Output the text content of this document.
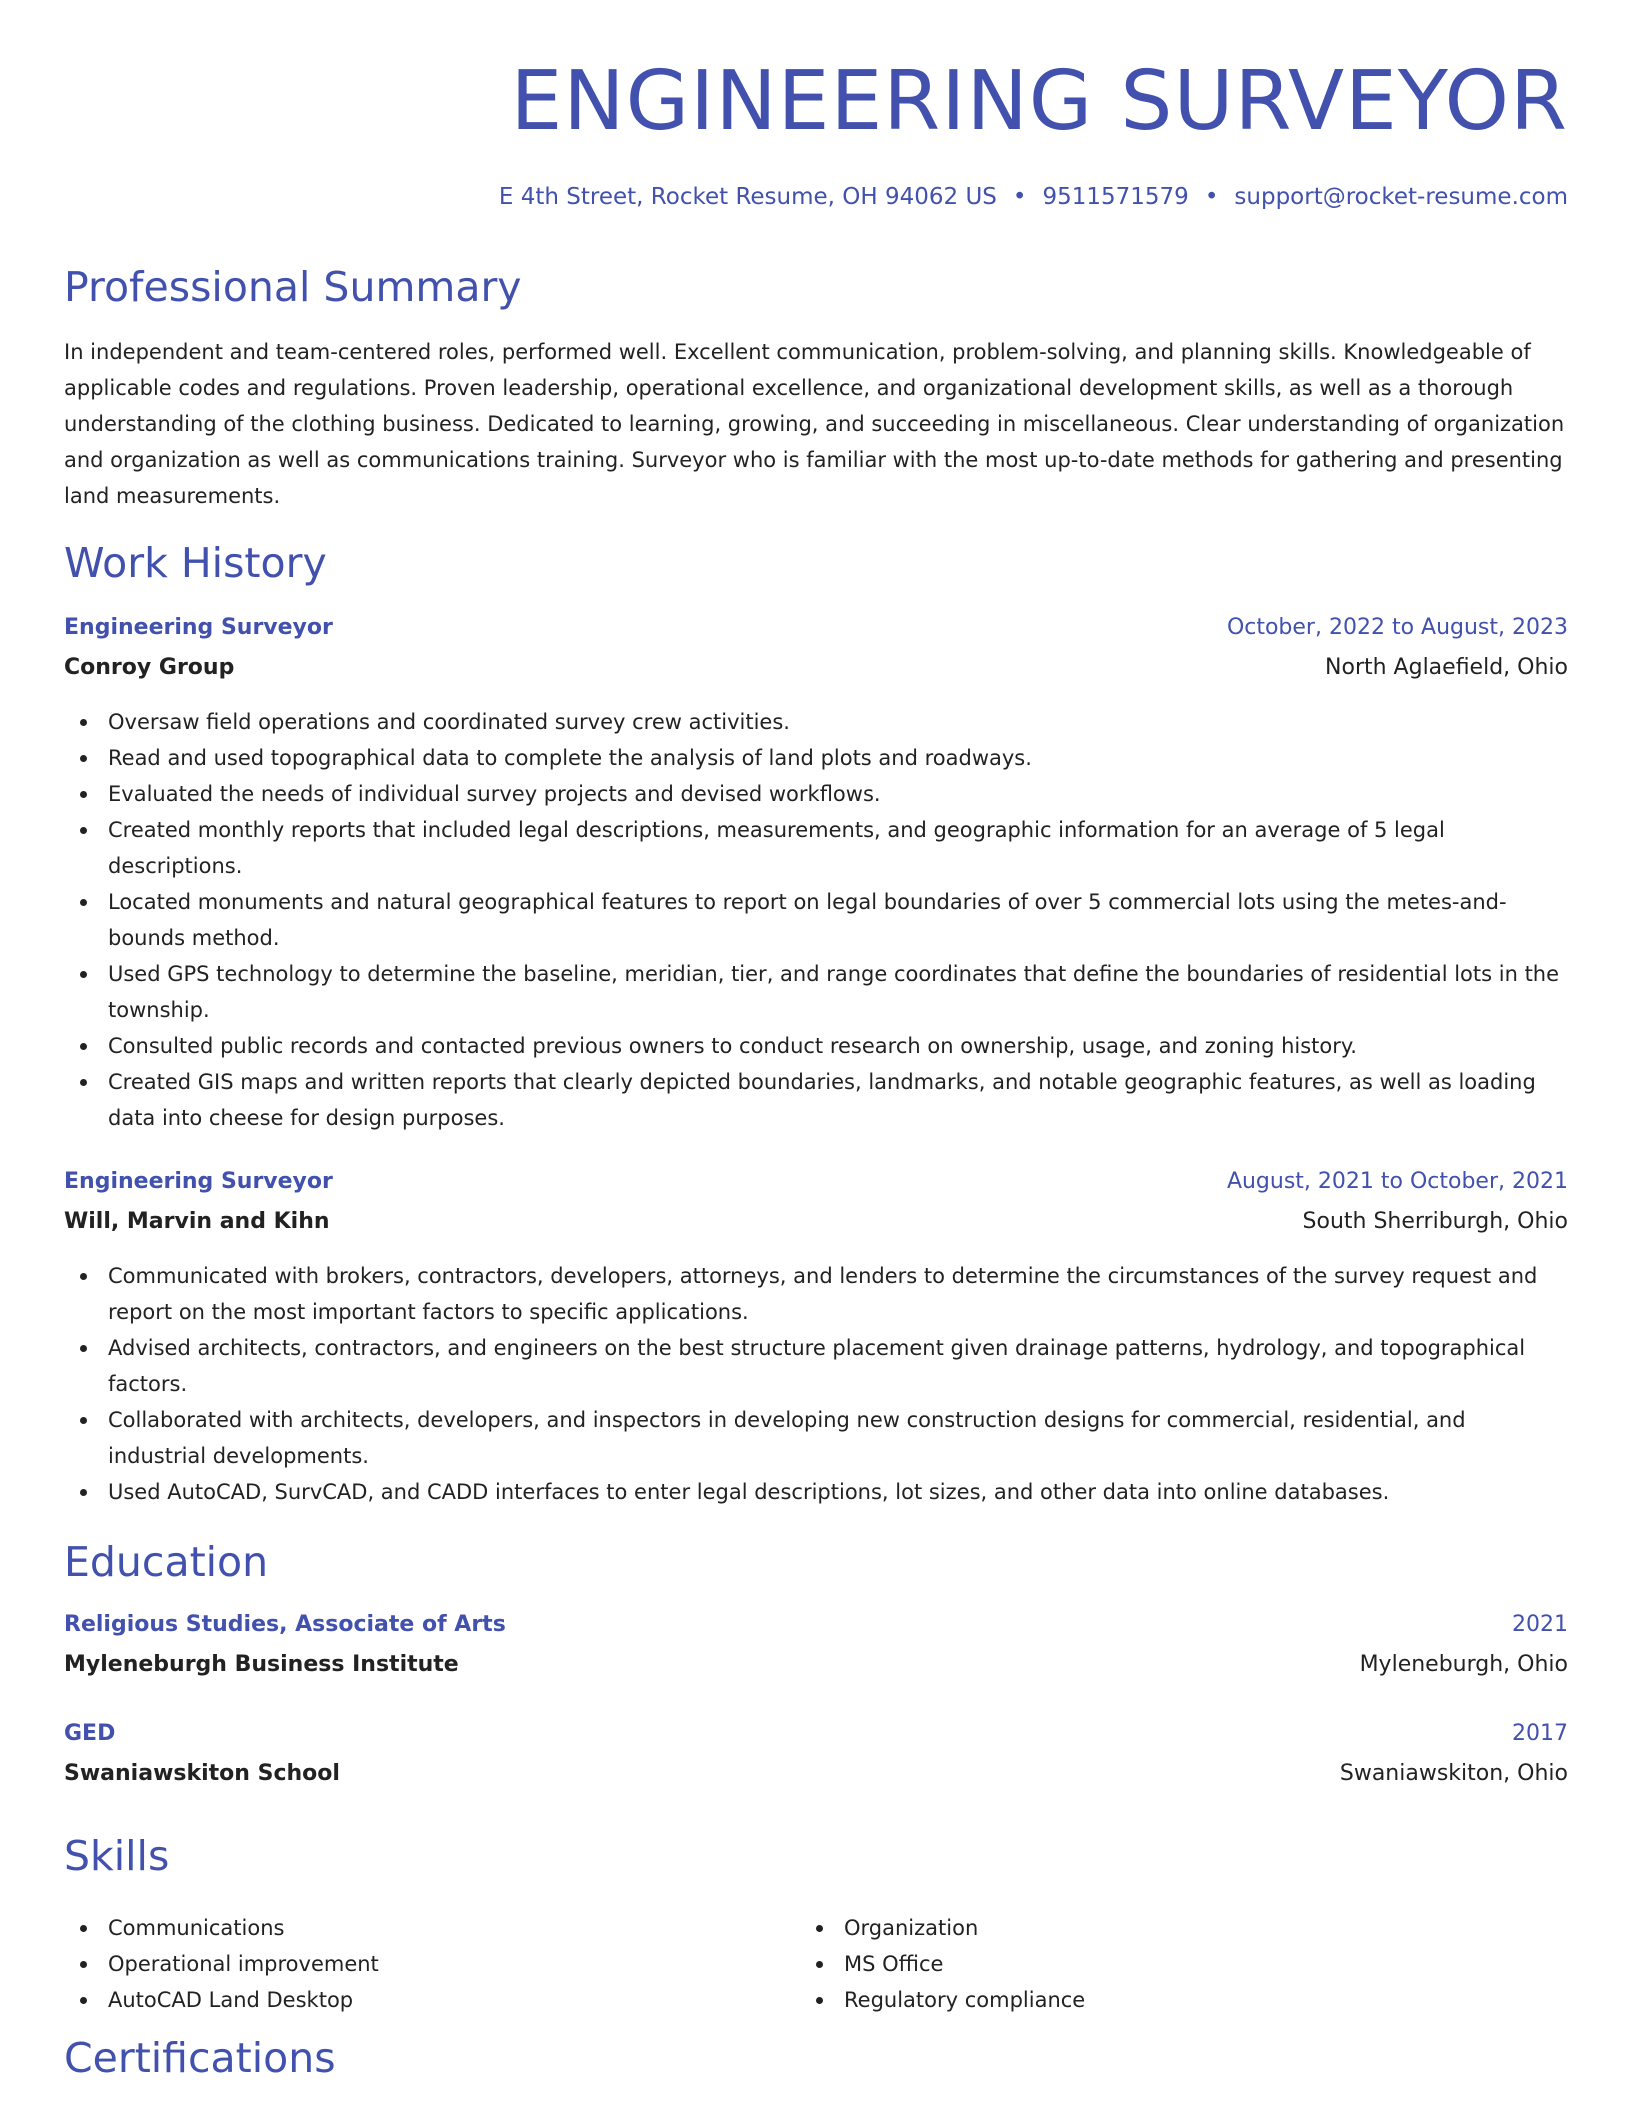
ENGINEERING SURVEYOR
E 4th Street, Rocket Resume, OH 94062 US • 9511571579 • support@rocket-resume.com
Professional Summary

In independent and team-centered roles, performed well. Excellent communication, problem-solving, and planning skills. Knowledgeable of applicable codes and regulations. Proven leadership, operational excellence, and organizational development skills, as well as a thorough understanding of the clothing business. Dedicated to learning, growing, and succeeding in miscellaneous. Clear understanding of organization and organization as well as communications training. Surveyor who is familiar with the most up-to-date methods for gathering and presenting land measurements.

Work History
Engineering Surveyor	October, 2022 to August, 2023
Conroy Group	North Aglaefield, Ohio
Oversaw field operations and coordinated survey crew activities.
Read and used topographical data to complete the analysis of land plots and roadways.
Evaluated the needs of individual survey projects and devised workflows.
Created monthly reports that included legal descriptions, measurements, and geographic information for an average of 5 legal descriptions.
Located monuments and natural geographical features to report on legal boundaries of over 5 commercial lots using the metes-and-bounds method.
Used GPS technology to determine the baseline, meridian, tier, and range coordinates that define the boundaries of residential lots in the township.
Consulted public records and contacted previous owners to conduct research on ownership, usage, and zoning history.
Created GIS maps and written reports that clearly depicted boundaries, landmarks, and notable geographic features, as well as loading data into cheese for design purposes.
Engineering Surveyor	August, 2021 to October, 2021
Will, Marvin and Kihn	South Sherriburgh, Ohio
Communicated with brokers, contractors, developers, attorneys, and lenders to determine the circumstances of the survey request and report on the most important factors to specific applications.
Advised architects, contractors, and engineers on the best structure placement given drainage patterns, hydrology, and topographical factors.
Collaborated with architects, developers, and inspectors in developing new construction designs for commercial, residential, and industrial developments.
Used AutoCAD, SurvCAD, and CADD interfaces to enter legal descriptions, lot sizes, and other data into online databases.
Education
Religious Studies, Associate of Arts	2021
Myleneburgh Business Institute	Myleneburgh, Ohio
GED	2017
Swaniawskiton School	Swaniawskiton, Ohio
Skills
Communications
Operational improvement
AutoCAD Land Desktop
Organization
MS Office
Regulatory compliance
Certifications
